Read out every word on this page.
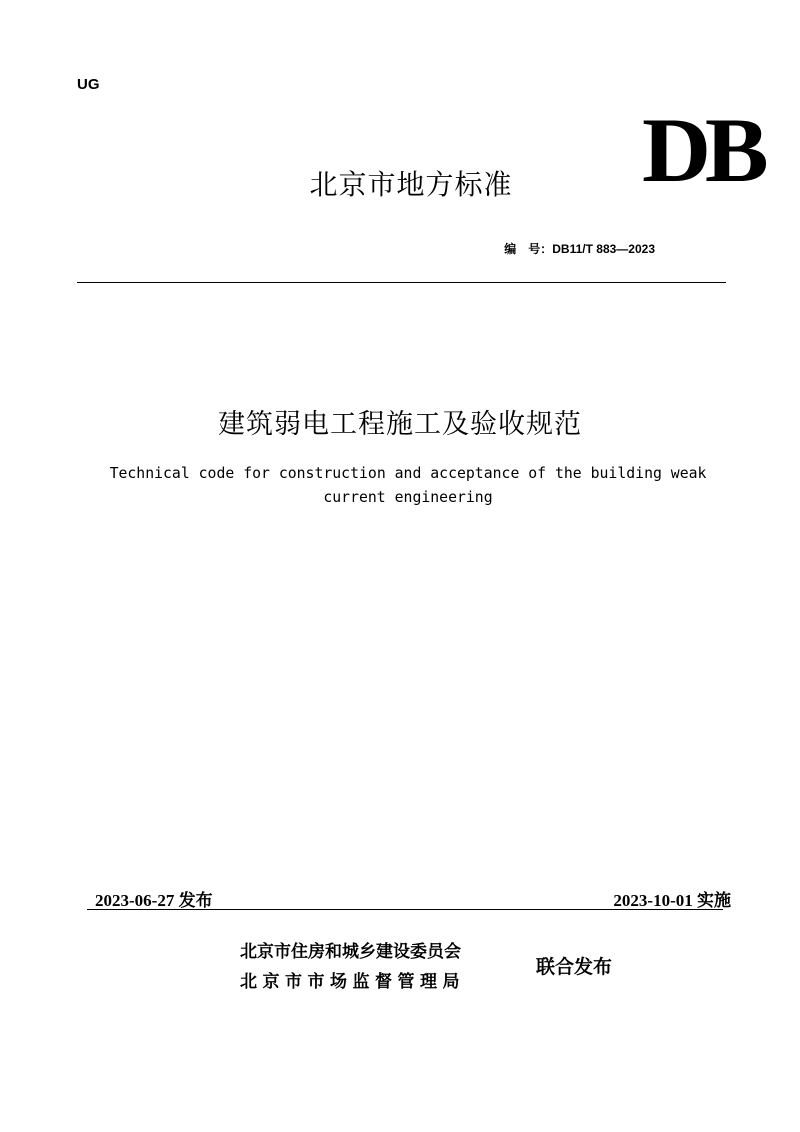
UG
北京市地方标准	DB
编　号：DB11/T 883—2023
建筑弱电工程施工及验收规范
Technical code for construction and acceptance of the building weak current engineering
2023-06-27 发布	2023-10-01 实施
北京市住房和城乡建设委员会
北京市市场监督管理局
联合发布
